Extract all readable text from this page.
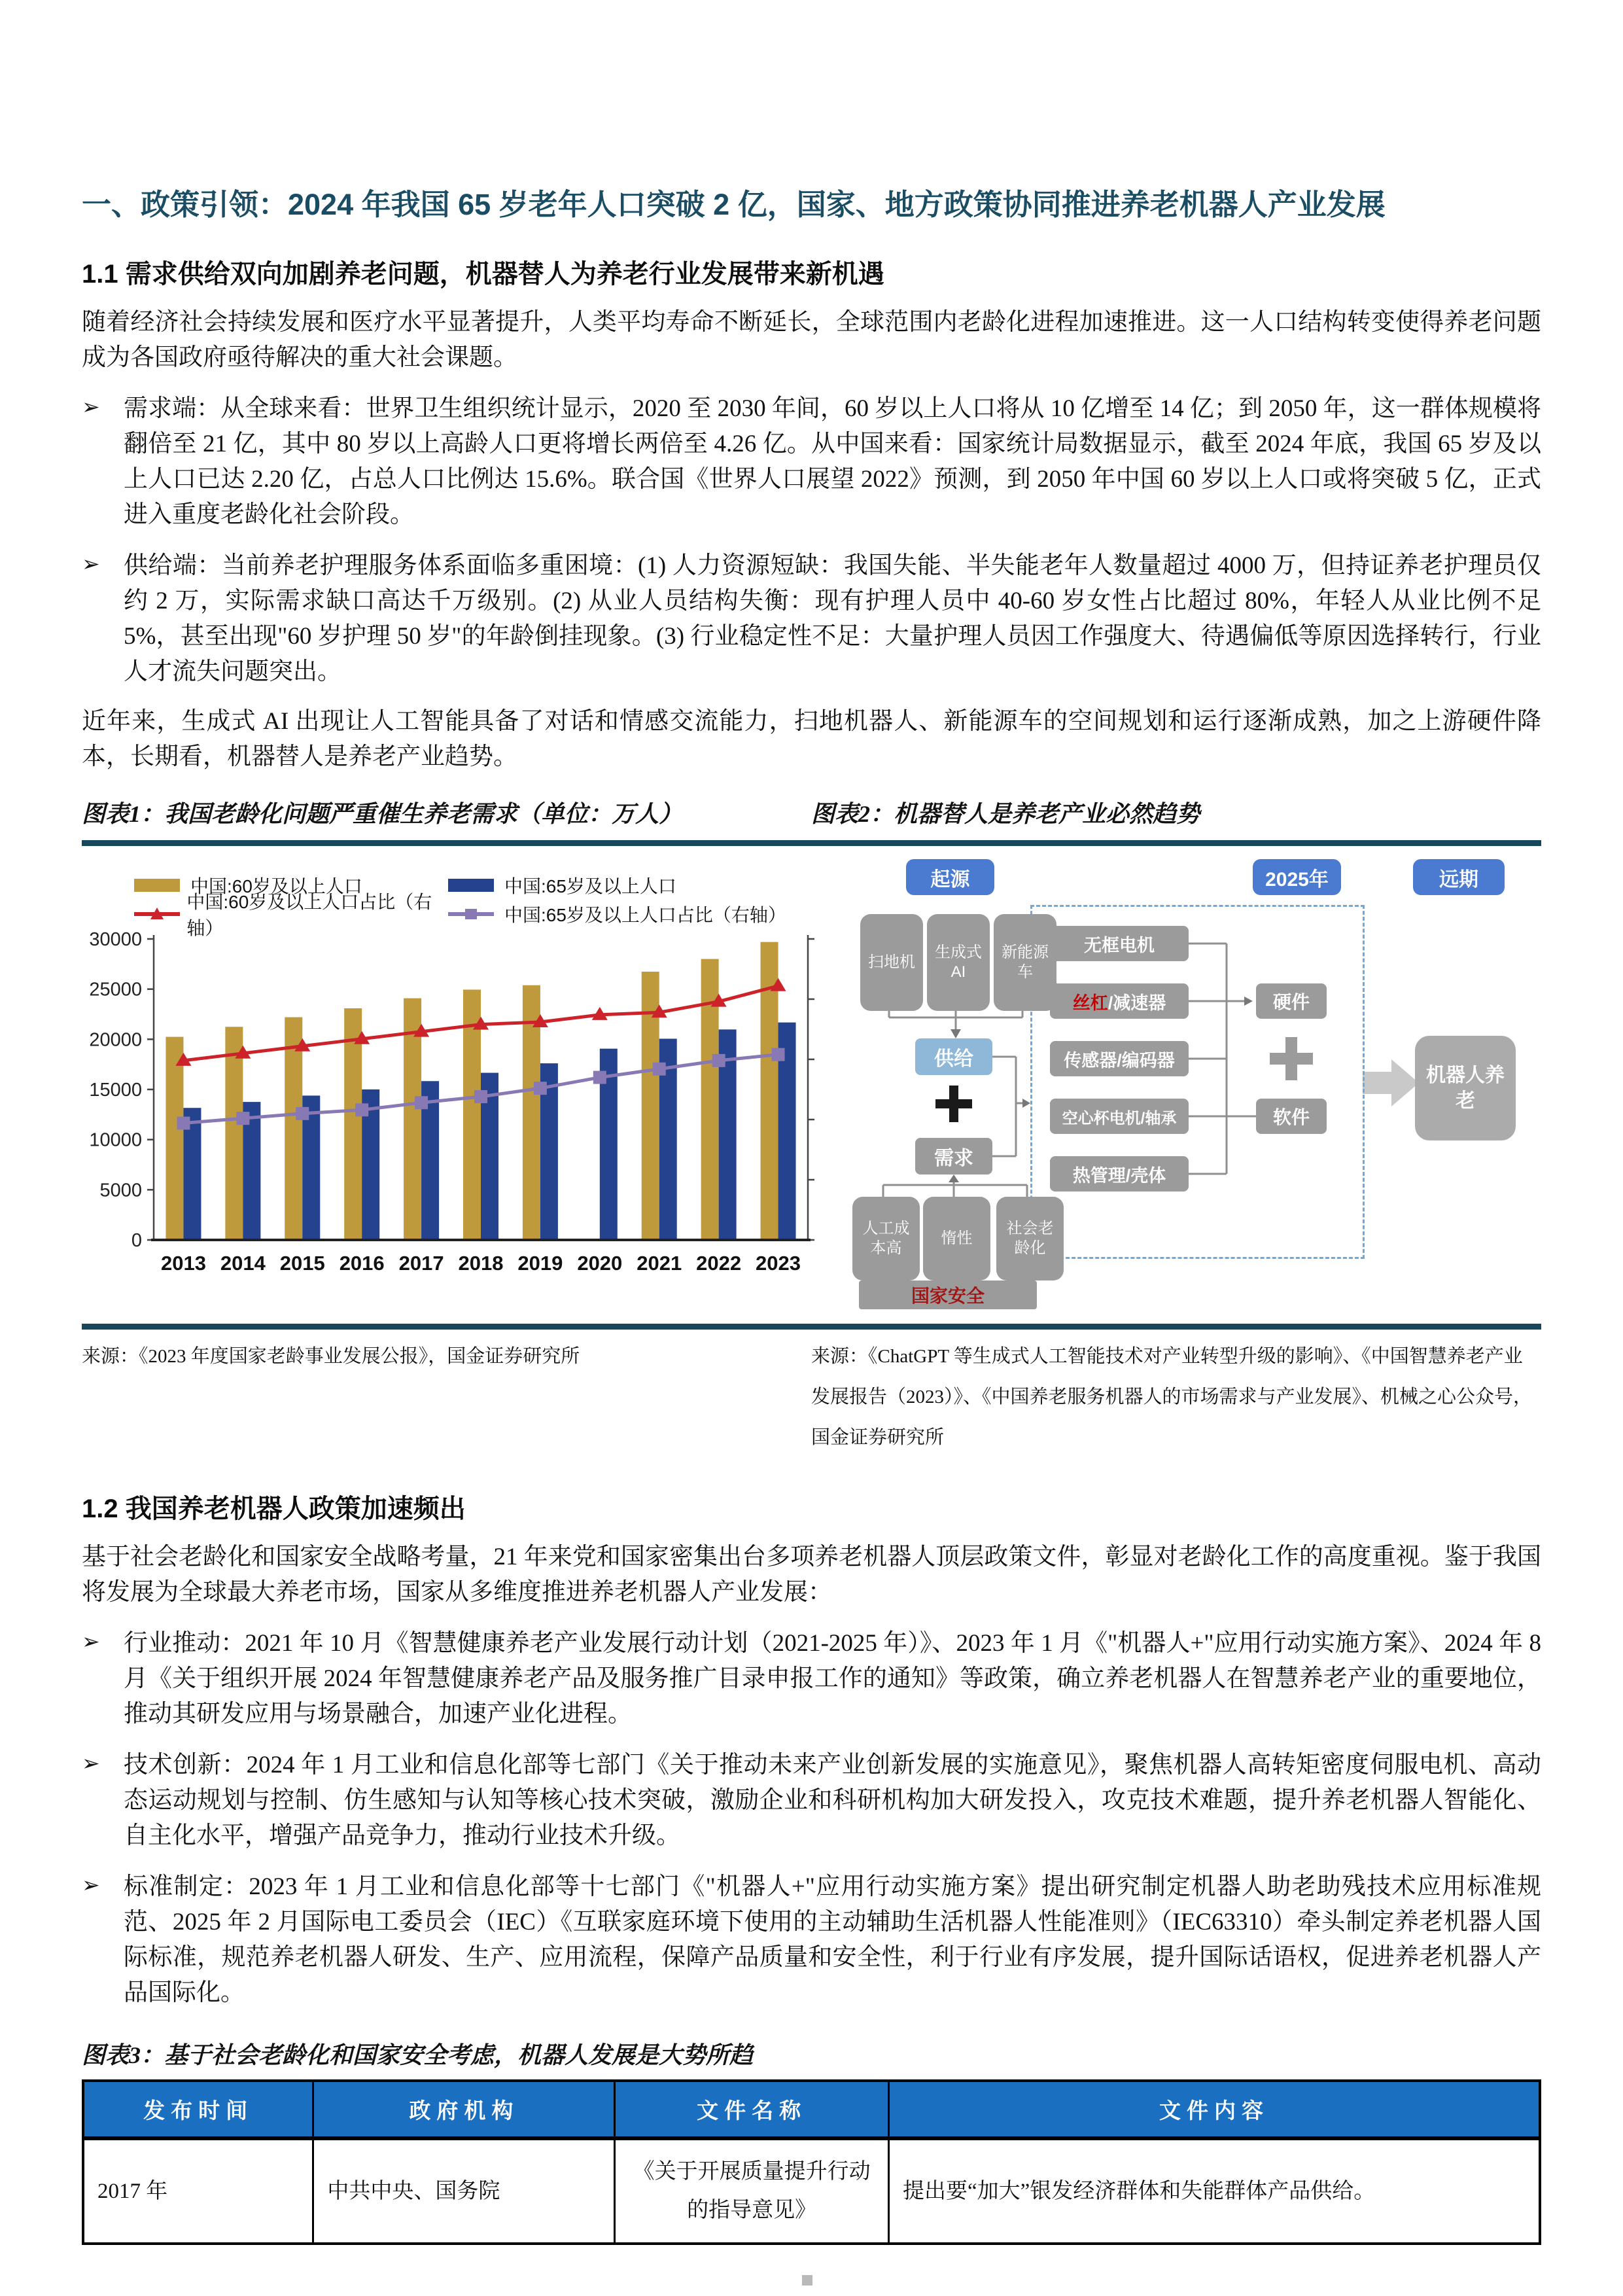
一、政策引领：2024 年我国 65 岁老年人口突破 2 亿，国家、地方政策协同推进养老机器人产业发展
1.1 需求供给双向加剧养老问题，机器替人为养老行业发展带来新机遇

随着经济社会持续发展和医疗水平显著提升，人类平均寿命不断延长，全球范围内老龄化进程加速推进。这一人口结构转变使得养老问题成为各国政府亟待解决的重大社会课题。

➢ 需求端：从全球来看：世界卫生组织统计显示，2020 至 2030 年间，60 岁以上人口将从 10 亿增至 14 亿；到 2050 年，这一群体规模将翻倍至 21 亿，其中 80 岁以上高龄人口更将增长两倍至 4.26 亿。从中国来看：国家统计局数据显示，截至 2024 年底，我国 65 岁及以上人口已达 2.20 亿，占总人口比例达 15.6%。联合国《世界人口展望 2022》预测，到 2050 年中国 60 岁以上人口或将突破 5 亿，正式进入重度老龄化社会阶段。

➢ 供给端：当前养老护理服务体系面临多重困境：(1) 人力资源短缺：我国失能、半失能老年人数量超过 4000 万，但持证养老护理员仅约 2 万，实际需求缺口高达千万级别。(2) 从业人员结构失衡：现有护理人员中 40-60 岁女性占比超过 80%，年轻人从业比例不足 5%，甚至出现"60 岁护理 50 岁"的年龄倒挂现象。(3) 行业稳定性不足：大量护理人员因工作强度大、待遇偏低等原因选择转行，行业人才流失问题突出。

近年来，生成式 AI 出现让人工智能具备了对话和情感交流能力，扫地机器人、新能源车的空间规划和运行逐渐成熟，加之上游硬件降本，长期看，机器替人是养老产业趋势。

图表1：我国老龄化问题严重催生养老需求（单位：万人）	图表2：机器替人是养老产业必然趋势
中国:60岁及以上人口	中国:65岁及以上人口
中国:60岁及以上人口占比（右轴）
中国:65岁及以上人口占比（右轴）
0
5000
10000
15000
20000
25000
30000
2013 2014 2015 2016 2017 2018 2019 2020 2021 2022 2023
起源	2025年	远期
扫地机
生成式AI
新能源车
供给
需求
人工成本高
惰性
社会老龄化
国家安全
无框电机
丝杠 /减速器
传感器/编码器
空心杯电机/轴承
热管理/壳体
硬件
软件
机器人养老

来源：《2023 年度国家老龄事业发展公报》，国金证券研究所	来源：《ChatGPT 等生成式人工智能技术对产业转型升级的影响》、《中国智慧养老产业发展报告（2023）》、《中国养老服务机器人的市场需求与产业发展》、机械之心公众号，国金证券研究所

1.2 我国养老机器人政策加速频出

基于社会老龄化和国家安全战略考量，21 年来党和国家密集出台多项养老机器人顶层政策文件，彰显对老龄化工作的高度重视。鉴于我国将发展为全球最大养老市场，国家从多维度推进养老机器人产业发展：

➢ 行业推动：2021 年 10 月《智慧健康养老产业发展行动计划（2021-2025 年）》、2023 年 1 月《"机器人+"应用行动实施方案》、2024 年 8 月《关于组织开展 2024 年智慧健康养老产品及服务推广目录申报工作的通知》等政策，确立养老机器人在智慧养老产业的重要地位，推动其研发应用与场景融合，加速产业化进程。

➢ 技术创新：2024 年 1 月工业和信息化部等七部门《关于推动未来产业创新发展的实施意见》，聚焦机器人高转矩密度伺服电机、高动态运动规划与控制、仿生感知与认知等核心技术突破，激励企业和科研机构加大研发投入，攻克技术难题，提升养老机器人智能化、自主化水平，增强产品竞争力，推动行业技术升级。

➢ 标准制定：2023 年 1 月工业和信息化部等十七部门《"机器人+"应用行动实施方案》提出研究制定机器人助老助残技术应用标准规范、2025 年 2 月国际电工委员会（IEC）《互联家庭环境下使用的主动辅助生活机器人性能准则》（IEC63310）牵头制定养老机器人国际标准，规范养老机器人研发、生产、应用流程，保障产品质量和安全性，利于行业有序发展，提升国际话语权，促进养老机器人产品国际化。

图表3：基于社会老龄化和国家安全考虑，机器人发展是大势所趋
发布时间	政府机构	文件名称	文件内容
2017 年	中共中央、国务院	《关于开展质量提升行动的指导意见》	提出要“加大”银发经济群体和失能群体产品供给。
